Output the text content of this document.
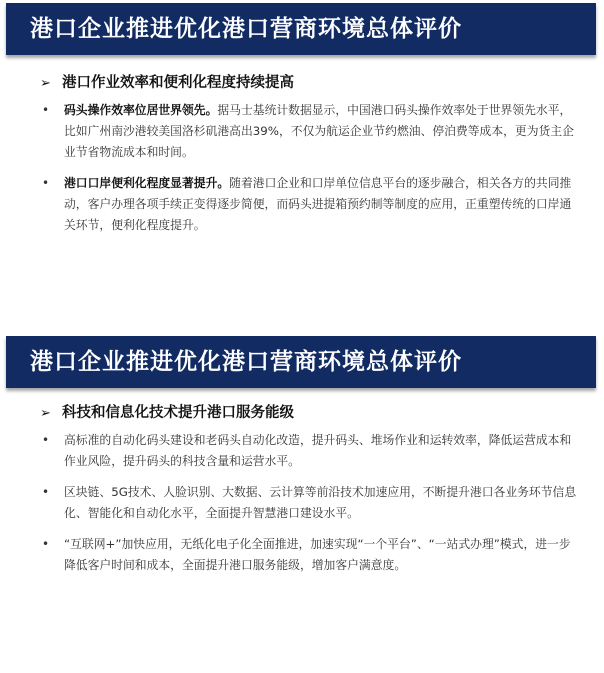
港口企业推进优化港口营商环境总体评价
➢ 港口作业效率和便利化程度持续提高
• 码头操作效率位居世界领先。据马士基统计数据显示，中国港口码头操作效率处于世界领先水平，比如广州南沙港较美国洛杉矶港高出39%，不仅为航运企业节约燃油、停泊费等成本，更为货主企业节省物流成本和时间。
• 港口口岸便利化程度显著提升。随着港口企业和口岸单位信息平台的逐步融合，相关各方的共同推动，客户办理各项手续正变得逐步简便，而码头进提箱预约制等制度的应用，正重塑传统的口岸通关环节，便利化程度提升。
港口企业推进优化港口营商环境总体评价
➢ 科技和信息化技术提升港口服务能级
• 高标准的自动化码头建设和老码头自动化改造，提升码头、堆场作业和运转效率，降低运营成本和作业风险，提升码头的科技含量和运营水平。
• 区块链、5G技术、人脸识别、大数据、云计算等前沿技术加速应用，不断提升港口各业务环节信息化、智能化和自动化水平，全面提升智慧港口建设水平。
• “互联网+”加快应用，无纸化电子化全面推进，加速实现“一个平台”、“一站式办理”模式，进一步降低客户时间和成本，全面提升港口服务能级，增加客户满意度。
